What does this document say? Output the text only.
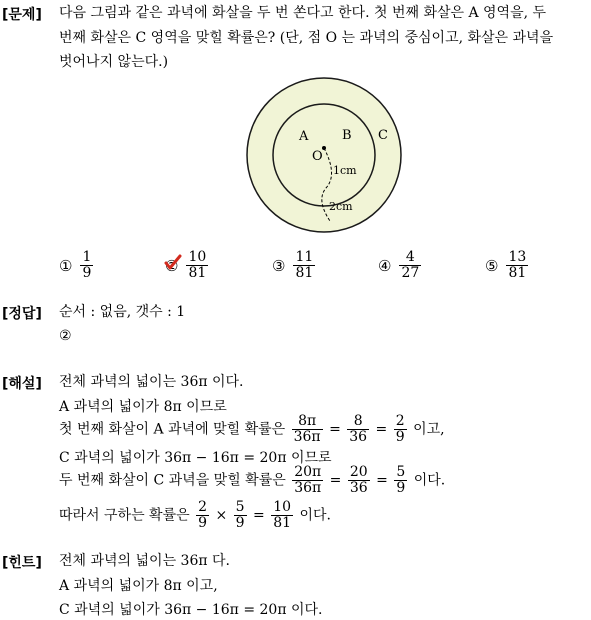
[문제] 다음 그림과 같은 과녁에 화살을 두 번 쏜다고 한다. 첫 번째 화살은 A 영역을, 두
번째 화살은 C 영역을 맞힐 확률은? (단, 점 O 는 과녁의 중심이고, 화살은 과녁을
벗어나지 않는다.)
A	B C
O
1cm
2cm
① $\frac{1}{9}$	② $\frac{10}{81}$	③ $\frac{11}{81}$	④ $\frac{4}{27}$	⑤ $\frac{13}{81}$
[정답] 순서 : 없음, 갯수 : 1
②
[해설] 전체 과녁의 넓이는 36π 이다.
A 과녁의 넓이가 8π 이므로
첫 번째 화살이 A 과녁에 맞힐 확률은 $\frac{8\pi}{36\pi} = \frac{8}{36} = \frac{2}{9}$ 이고,
C 과녁의 넓이가 36π − 16π = 20π 이므로
두 번째 화살이 C 과녁을 맞힐 확률은 $\frac{20\pi}{36\pi} = \frac{20}{36} = \frac{5}{9}$ 이다.
따라서 구하는 확률은 $\frac{2}{9} \times \frac{5}{9} = \frac{10}{81}$ 이다.
[힌트] 전체 과녁의 넓이는 36π 다.
A 과녁의 넓이가 8π 이고,
C 과녁의 넓이가 36π − 16π = 20π 이다.
